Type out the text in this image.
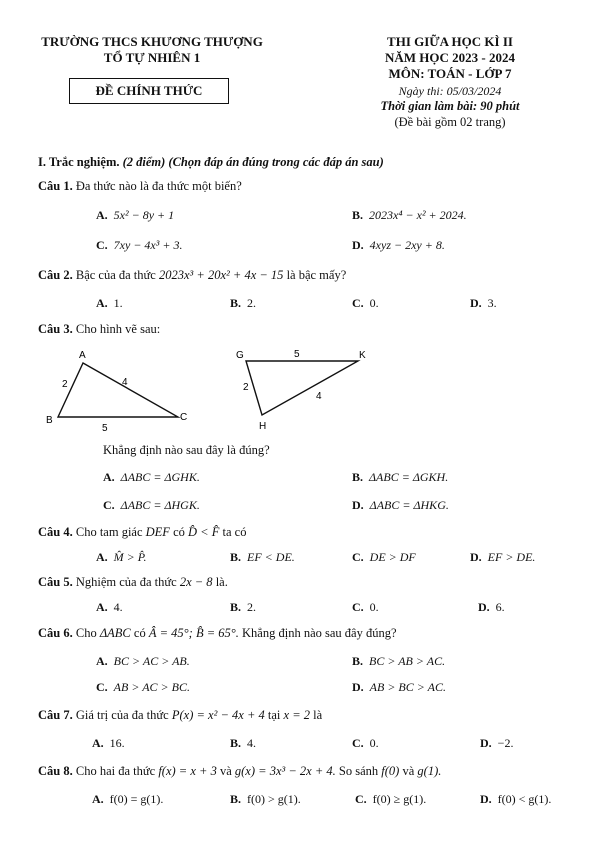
TRƯỜNG THCS KHƯƠNG THƯỢNG
TỔ TỰ NHIÊN 1
ĐỀ CHÍNH THỨC
THI GIỮA HỌC KÌ II
NĂM HỌC 2023 - 2024
MÔN: TOÁN - LỚP 7
Ngày thi: 05/03/2024
Thời gian làm bài: 90 phút
(Đề bài gồm 02 trang)
I. Trắc nghiệm. (2 điểm) (Chọn đáp án đúng trong các đáp án sau)
Câu 1. Đa thức nào là đa thức một biến?
A. 5x² − 8y + 1	B. 2023x⁴ − x² + 2024.
C. 7xy − 4x³ + 3.	D. 4xyz − 2xy + 8.
Câu 2. Bậc của đa thức 2023x³ + 20x² + 4x − 15 là bậc mấy?
A. 1.	B. 2.	C. 0.	D. 3.
Câu 3. Cho hình vẽ sau:
A
B	C
2	4
5
G	K
H
5
2
4
Khẳng định nào sau đây là đúng?
A. ΔABC = ΔGHK.	B. ΔABC = ΔGKH.
C. ΔABC = ΔHGK.	D. ΔABC = ΔHKG.
Câu 4. Cho tam giác DEF có D̂ < F̂ ta có
A. M̂ > P̂.	B. EF < DE.	C. DE > DF	D. EF > DE.
Câu 5. Nghiệm của đa thức 2x − 8 là.
A. 4.	B. 2.	C. 0.	D. 6.
Câu 6. Cho ΔABC có Â = 45°; B̂ = 65°. Khẳng định nào sau đây đúng?
A. BC > AC > AB.	B. BC > AB > AC.
C. AB > AC > BC.	D. AB > BC > AC.
Câu 7. Giá trị của đa thức P(x) = x² − 4x + 4 tại x = 2 là
A. 16.	B. 4.	C. 0.	D. −2.
Câu 8. Cho hai đa thức f(x) = x + 3 và g(x) = 3x³ − 2x + 4. So sánh f(0) và g(1).
A. f(0) = g(1).	B. f(0) > g(1).	C. f(0) ≥ g(1).	D. f(0) < g(1).
